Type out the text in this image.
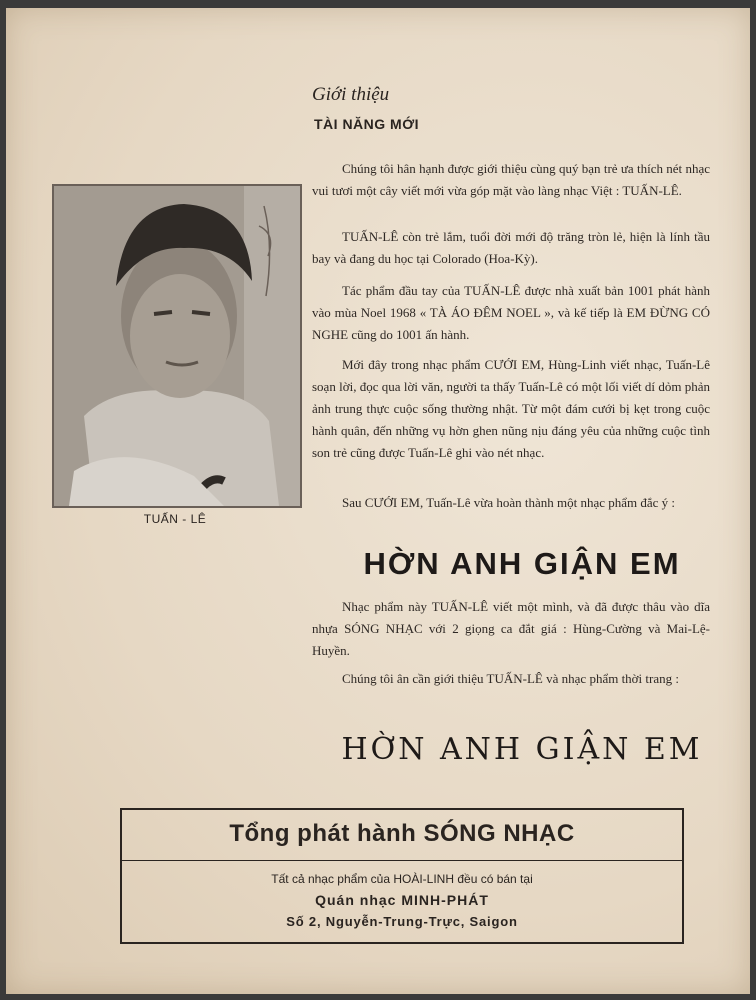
TUẤN - LÊ
Giới thiệu
TÀI NĂNG MỚI
Chúng tôi hân hạnh được giới thiệu cùng quý bạn trẻ ưa thích nét nhạc vui tươi một cây viết mới vừa góp mặt vào làng nhạc Việt : TUẤN-LÊ.
TUẤN-LÊ còn trẻ lắm, tuổi đời mới độ trăng tròn lẻ, hiện là lính tầu bay và đang du học tại Colorado (Hoa-Kỳ).
Tác phẩm đầu tay của TUẤN-LÊ được nhà xuất bản 1001 phát hành vào mùa Noel 1968 « TÀ ÁO ĐÊM NOEL », và kế tiếp là EM ĐỪNG CÓ NGHE cũng do 1001 ấn hành.
Mới đây trong nhạc phẩm CƯỚI EM, Hùng-Linh viết nhạc, Tuấn-Lê soạn lời, đọc qua lời văn, người ta thấy Tuấn-Lê có một lối viết dí dỏm phản ảnh trung thực cuộc sống thường nhật. Từ một đám cưới bị kẹt trong cuộc hành quân, đến những vụ hờn ghen nũng nịu đáng yêu của những cuộc tình son trẻ cũng được Tuấn-Lê ghi vào nét nhạc.
Sau CƯỚI EM, Tuấn-Lê vừa hoàn thành một nhạc phẩm đắc ý :
HỜN ANH GIẬN EM
Nhạc phẩm này TUẤN-LÊ viết một mình, và đã được thâu vào dĩa nhựa SÓNG NHẠC với 2 giọng ca đắt giá : Hùng-Cường và Mai-Lệ-Huyền.
Chúng tôi ân cần giới thiệu TUẤN-LÊ và nhạc phẩm thời trang :
HỜN ANH GIẬN EM
Tổng phát hành SÓNG NHẠC
Tất cả nhạc phẩm của HOÀI-LINH đều có bán tại
Quán nhạc MINH-PHÁT
Số 2, Nguyễn-Trung-Trực, Saigon
